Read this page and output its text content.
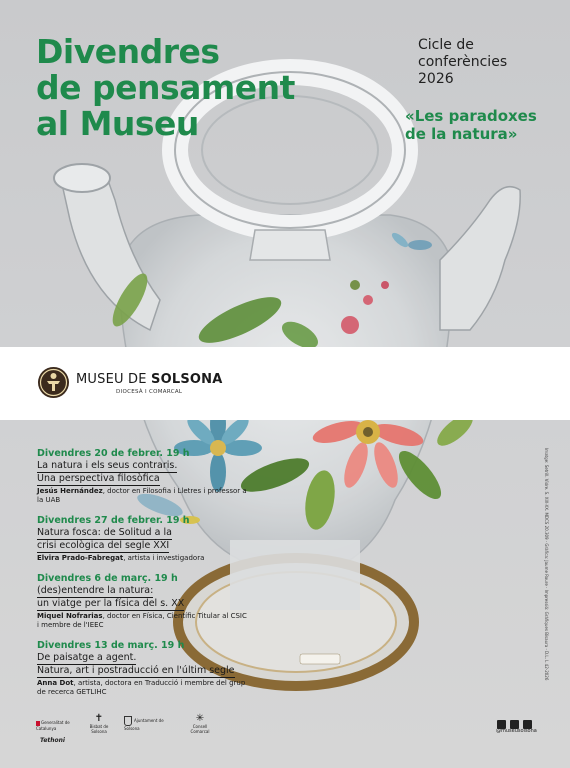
Divendres
de pensament
al Museu
Cicle de
conferències
2026
«Les paradoxes
de la natura»
MUSEU DE SOLSONA
DIOCESÀ I COMARCAL
Divendres 20 de febrer. 19 h
La natura i els seus contraris.
Una perspectiva filosòfica
Jesús Hernández, doctor en Filosofia i Lletres i professor a la UAB
Divendres 27 de febrer. 19 h
Natura fosca: de Solitud a la
crisi ecològica del segle XXI
Elvira Prado-Fabregat, artista i investigadora
Divendres 6 de març. 19 h
(des)entendre la natura:
un viatge per la física del s. XX
Miquel Nofrarias, doctor en Física, Científic Titular al CSIC i membre de l'IEEC
Divendres 13 de març. 19 h
De paisatge a agent.
Natura, art i postraducció en l'últim segle
Anna Dot, artista, doctora en Traducció i membre del grup de recerca GETLIHC
Imatge: Setrill. Vidre. S. XIX-XX. MDCS 20.309 · Gràfica: Jaume Roure · Impressió: Gràfiques Bisaura · D.L. L 42-2026
Generalitat de Catalunya
Tethoni
✝
Bisbat de Solsona
Ajuntament de Solsona
✳
Consell Comarcal	@museusolsona
